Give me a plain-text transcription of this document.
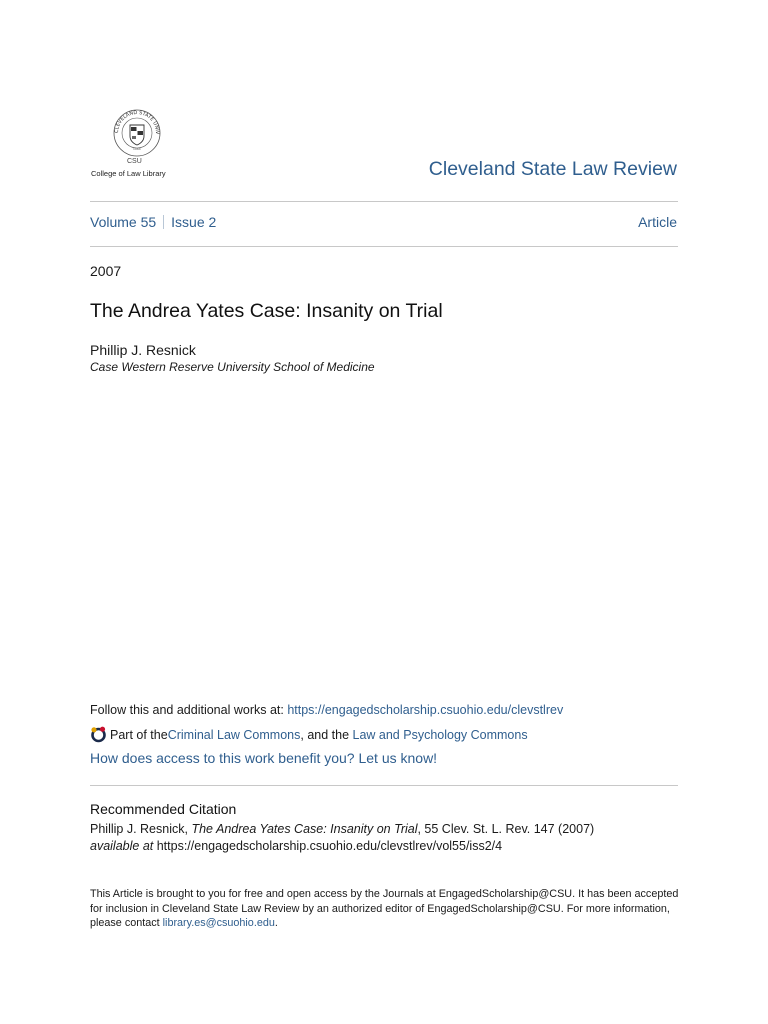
CLEVELAND STATE UNIV
1964
CSU
College of Law Library	Cleveland State Law Review
Volume 55 Issue 2	Article
2007
The Andrea Yates Case: Insanity on Trial
Phillip J. Resnick
Case Western Reserve University School of Medicine
Follow this and additional works at: https://engagedscholarship.csuohio.edu/clevstlrev
Part of the Criminal Law Commons , and the Law and Psychology Commons
How does access to this work benefit you? Let us know!
Recommended Citation
Phillip J. Resnick, The Andrea Yates Case: Insanity on Trial, 55 Clev. St. L. Rev. 147 (2007)
available at https://engagedscholarship.csuohio.edu/clevstlrev/vol55/iss2/4
This Article is brought to you for free and open access by the Journals at EngagedScholarship@CSU. It has been accepted for inclusion in Cleveland State Law Review by an authorized editor of EngagedScholarship@CSU. For more information, please contact library.es@csuohio.edu.
